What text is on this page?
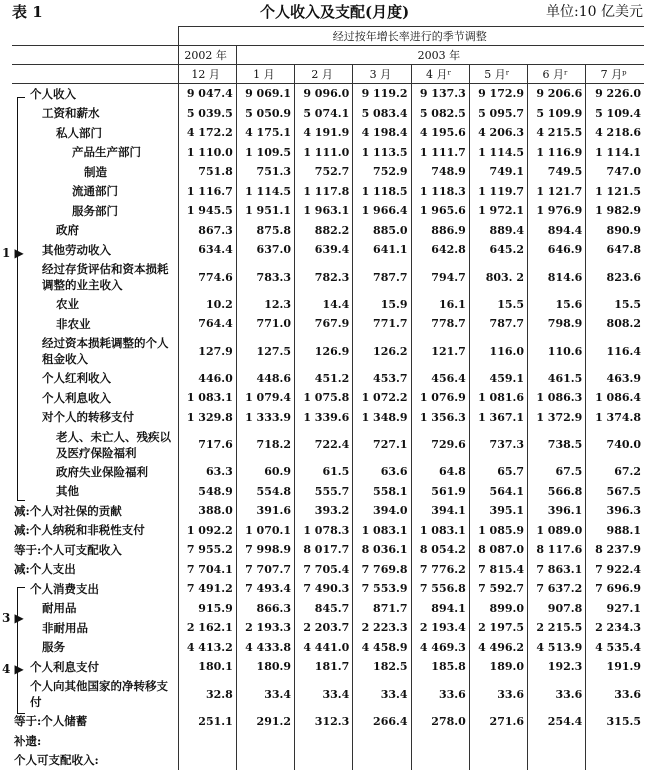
表 1	个人收入及支配(月度)	单位:10 亿美元
	经过按年增长率进行的季节调整							
	2002 年	2003 年						
	12 月	1 月	2 月	3 月	4 月ʳ	5 月ʳ	6 月ʳ	7 月ᵖ
个人收入	9 047.4	9 069.1	9 096.0	9 119.2	9 137.3	9 172.9	9 206.6	9 226.0
工资和薪水	5 039.5	5 050.9	5 074.1	5 083.4	5 082.5	5 095.7	5 109.9	5 109.4
私人部门	4 172.2	4 175.1	4 191.9	4 198.4	4 195.6	4 206.3	4 215.5	4 218.6
产品生产部门	1 110.0	1 109.5	1 111.0	1 113.5	1 111.7	1 114.5	1 116.9	1 114.1
制造	751.8	751.3	752.7	752.9	748.9	749.1	749.5	747.0
流通部门	1 116.7	1 114.5	1 117.8	1 118.5	1 118.3	1 119.7	1 121.7	1 121.5
服务部门	1 945.5	1 951.1	1 963.1	1 966.4	1 965.6	1 972.1	1 976.9	1 982.9
政府	867.3	875.8	882.2	885.0	886.9	889.4	894.4	890.9
其他劳动收入	634.4	637.0	639.4	641.1	642.8	645.2	646.9	647.8
经过存货评估和资本损耗调整的业主收入	774.6	783.3	782.3	787.7	794.7	803. 2	814.6	823.6
农业	10.2	12.3	14.4	15.9	16.1	15.5	15.6	15.5
非农业	764.4	771.0	767.9	771.7	778.7	787.7	798.9	808.2
经过资本损耗调整的个人租金收入	127.9	127.5	126.9	126.2	121.7	116.0	110.6	116.4
个人红利收入	446.0	448.6	451.2	453.7	456.4	459.1	461.5	463.9
个人利息收入	1 083.1	1 079.4	1 075.8	1 072.2	1 076.9	1 081.6	1 086.3	1 086.4
对个人的转移支付	1 329.8	1 333.9	1 339.6	1 348.9	1 356.3	1 367.1	1 372.9	1 374.8
老人、未亡人、残疾以及医疗保险福利	717.6	718.2	722.4	727.1	729.6	737.3	738.5	740.0
政府失业保险福利	63.3	60.9	61.5	63.6	64.8	65.7	67.5	67.2
其他	548.9	554.8	555.7	558.1	561.9	564.1	566.8	567.5
减:个人对社保的贡献	388.0	391.6	393.2	394.0	394.1	395.1	396.1	396.3
减:个人纳税和非税性支付	1 092.2	1 070.1	1 078.3	1 083.1	1 083.1	1 085.9	1 089.0	988.1
等于:个人可支配收入	7 955.2	7 998.9	8 017.7	8 036.1	8 054.2	8 087.0	8 117.6	8 237.9
减:个人支出	7 704.1	7 707.7	7 705.4	7 769.8	7 776.2	7 815.4	7 863.1	7 922.4
个人消费支出	7 491.2	7 493.4	7 490.3	7 553.9	7 556.8	7 592.7	7 637.2	7 696.9
耐用品	915.9	866.3	845.7	871.7	894.1	899.0	907.8	927.1
非耐用品	2 162.1	2 193.3	2 203.7	2 223.3	2 193.4	2 197.5	2 215.5	2 234.3
服务	4 413.2	4 433.8	4 441.0	4 458.9	4 469.3	4 496.2	4 513.9	4 535.4
个人利息支付	180.1	180.9	181.7	182.5	185.8	189.0	192.3	191.9
个人向其他国家的净转移支付	32.8	33.4	33.4	33.4	33.6	33.6	33.6	33.6
等于:个人储蓄	251.1	291.2	312.3	266.4	278.0	271.6	254.4	315.5
补遗:								
个人可支配收入:								
1 ▶
3 ▶
4 ▶
